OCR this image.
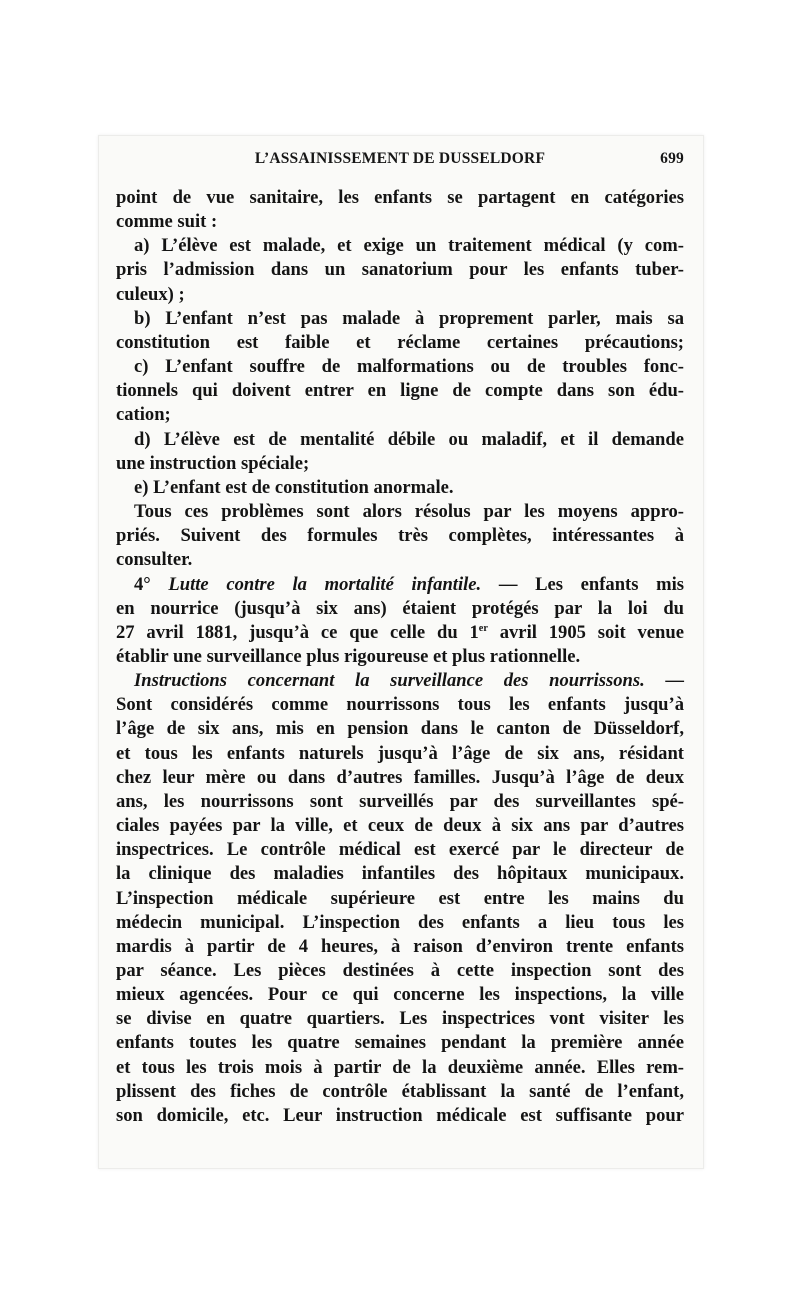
L’ASSAINISSEMENT DE DUSSELDORF	699
point de vue sanitaire, les enfants se partagent en catégories
comme suit :
a) L’élève est malade, et exige un traitement médical (y com-
pris l’admission dans un sanatorium pour les enfants tuber-
culeux) ;
b) L’enfant n’est pas malade à proprement parler, mais sa
constitution est faible et réclame certaines précautions;
c) L’enfant souffre de malformations ou de troubles fonc-
tionnels qui doivent entrer en ligne de compte dans son édu-
cation;
d) L’élève est de mentalité débile ou maladif, et il demande
une instruction spéciale;
e) L’enfant est de constitution anormale.
Tous ces problèmes sont alors résolus par les moyens appro-
priés. Suivent des formules très complètes, intéressantes à
consulter.
4° Lutte contre la mortalité infantile. — Les enfants mis
en nourrice (jusqu’à six ans) étaient protégés par la loi du
27 avril 1881, jusqu’à ce que celle du 1er avril 1905 soit venue
établir une surveillance plus rigoureuse et plus rationnelle.
Instructions concernant la surveillance des nourrissons. —
Sont considérés comme nourrissons tous les enfants jusqu’à
l’âge de six ans, mis en pension dans le canton de Düsseldorf,
et tous les enfants naturels jusqu’à l’âge de six ans, résidant
chez leur mère ou dans d’autres familles. Jusqu’à l’âge de deux
ans, les nourrissons sont surveillés par des surveillantes spé-
ciales payées par la ville, et ceux de deux à six ans par d’autres
inspectrices. Le contrôle médical est exercé par le directeur de
la clinique des maladies infantiles des hôpitaux municipaux.
L’inspection médicale supérieure est entre les mains du
médecin municipal. L’inspection des enfants a lieu tous les
mardis à partir de 4 heures, à raison d’environ trente enfants
par séance. Les pièces destinées à cette inspection sont des
mieux agencées. Pour ce qui concerne les inspections, la ville
se divise en quatre quartiers. Les inspectrices vont visiter les
enfants toutes les quatre semaines pendant la première année
et tous les trois mois à partir de la deuxième année. Elles rem-
plissent des fiches de contrôle établissant la santé de l’enfant,
son domicile, etc. Leur instruction médicale est suffisante pour
